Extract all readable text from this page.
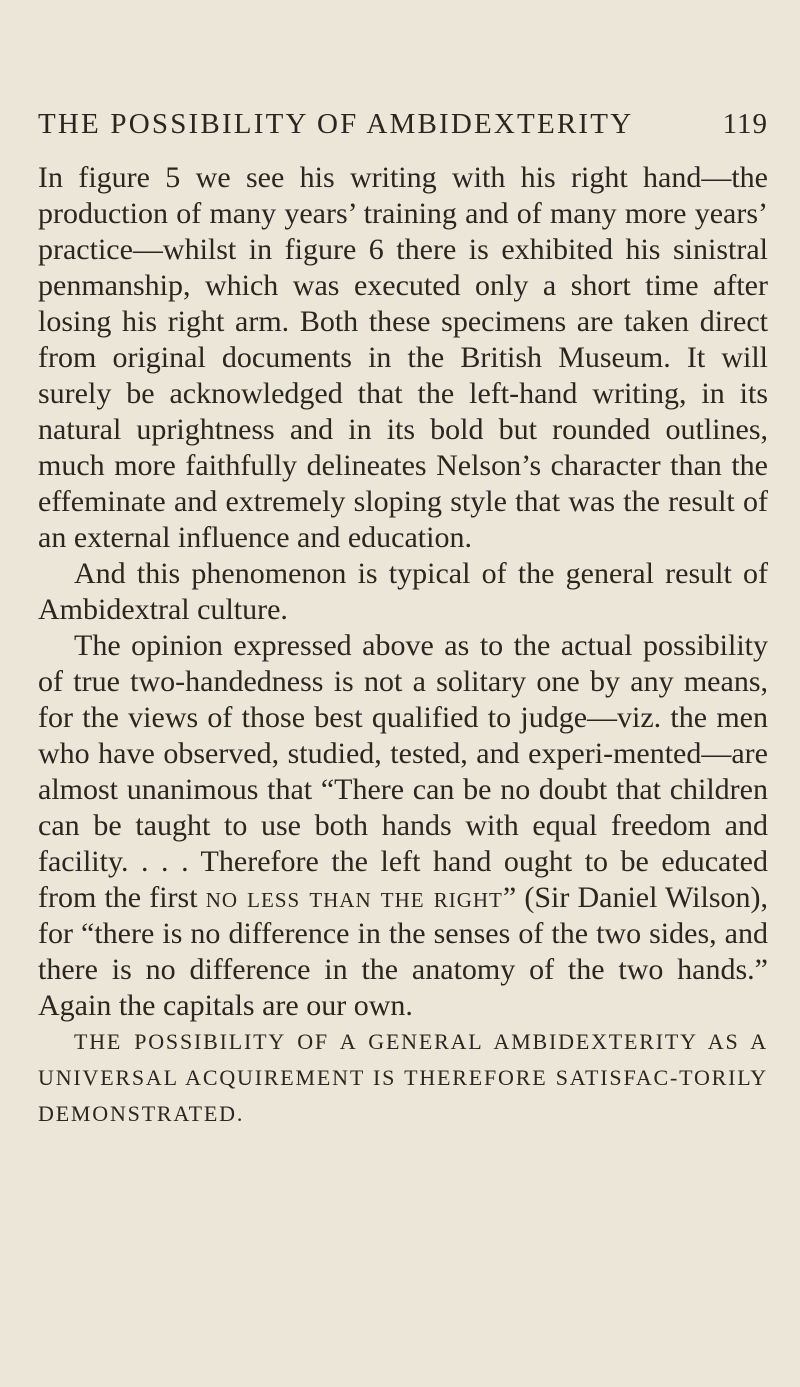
THE POSSIBILITY OF AMBIDEXTERITY	119

In figure 5 we see his writing with his right hand—the production of many years’ training and of many more years’ practice—whilst in figure 6 there is exhibited his sinistral penmanship, which was executed only a short time after losing his right arm. Both these specimens are taken direct from original documents in the British Museum. It will surely be acknowledged that the left-hand writing, in its natural uprightness and in its bold but rounded outlines, much more faithfully delineates Nelson’s character than the effeminate and extremely sloping style that was the result of an external influence and education.

And this phenomenon is typical of the general result of Ambidextral culture.

The opinion expressed above as to the actual possibility of true two-handedness is not a solitary one by any means, for the views of those best qualified to judge—viz. the men who have observed, studied, tested, and experi-mented—are almost unanimous that “There can be no doubt that children can be taught to use both hands with equal freedom and facility. . . . Therefore the left hand ought to be educated from the first no less than the right” (Sir Daniel Wilson), for “there is no difference in the senses of the two sides, and there is no difference in the anatomy of the two hands.” Again the capitals are our own.

THE POSSIBILITY OF A GENERAL AMBIDEXTERITY AS A UNIVERSAL ACQUIREMENT IS THEREFORE SATISFAC-TORILY DEMONSTRATED.
